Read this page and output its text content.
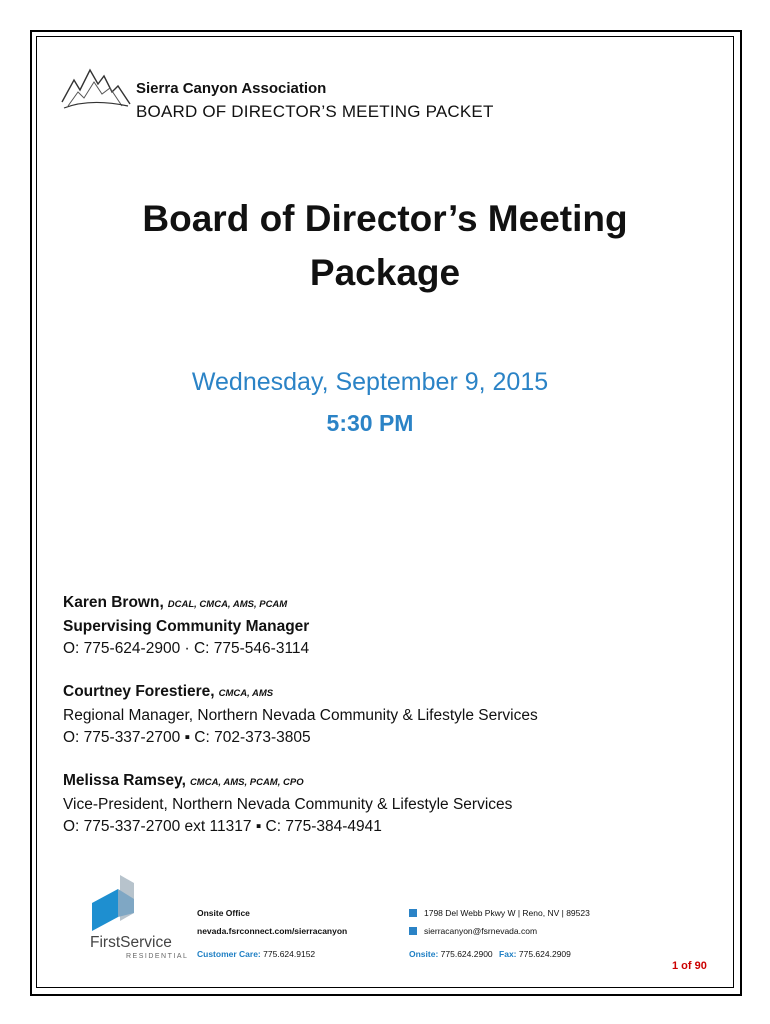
Sierra Canyon Association
BOARD OF DIRECTOR’S MEETING PACKET
Board of Director’s Meeting
Package
Wednesday, September 9, 2015
5:30 PM
Karen Brown, DCAL, CMCA, AMS, PCAM
Supervising Community Manager
O: 775-624-2900 · C: 775-546-3114
Courtney Forestiere, CMCA, AMS
Regional Manager, Northern Nevada Community & Lifestyle Services
O: 775-337-2700 ▪ C: 702-373-3805
Melissa Ramsey, CMCA, AMS, PCAM, CPO
Vice-President, Northern Nevada Community & Lifestyle Services
O: 775-337-2700 ext 11317 ▪ C: 775-384-4941
FirstService
RESIDENTIAL
Onsite Office
nevada.fsrconnect.com/sierracanyon
Customer Care: 775.624.9152
1798 Del Webb Pkwy W | Reno, NV | 89523
sierracanyon@fsrnevada.com
Onsite: 775.624.2900 Fax: 775.624.2909
1 of 90
